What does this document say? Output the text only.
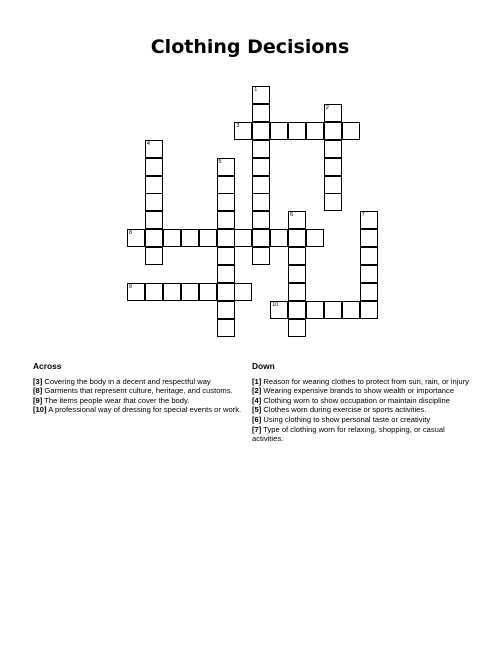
Clothing Decisions
1
2
3
4
5
6	7
8
9
10
Across

[3] Covering the body in a decent and respectful way

[8] Garments that represent culture, heritage, and customs.

[9] The items people wear that cover the body.

[10] A professional way of dressing for special events or work.

Down

[1] Reason for wearing clothes to protect from sun, rain, or injury

[2] Wearing expensive brands to show wealth or importance

[4] Clothing worn to show occupation or maintain discipline

[5] Clothes worn during exercise or sports activities.

[6] Using clothing to show personal taste or creativity

[7] Type of clothing worn for relaxing, shopping, or casual activities.
